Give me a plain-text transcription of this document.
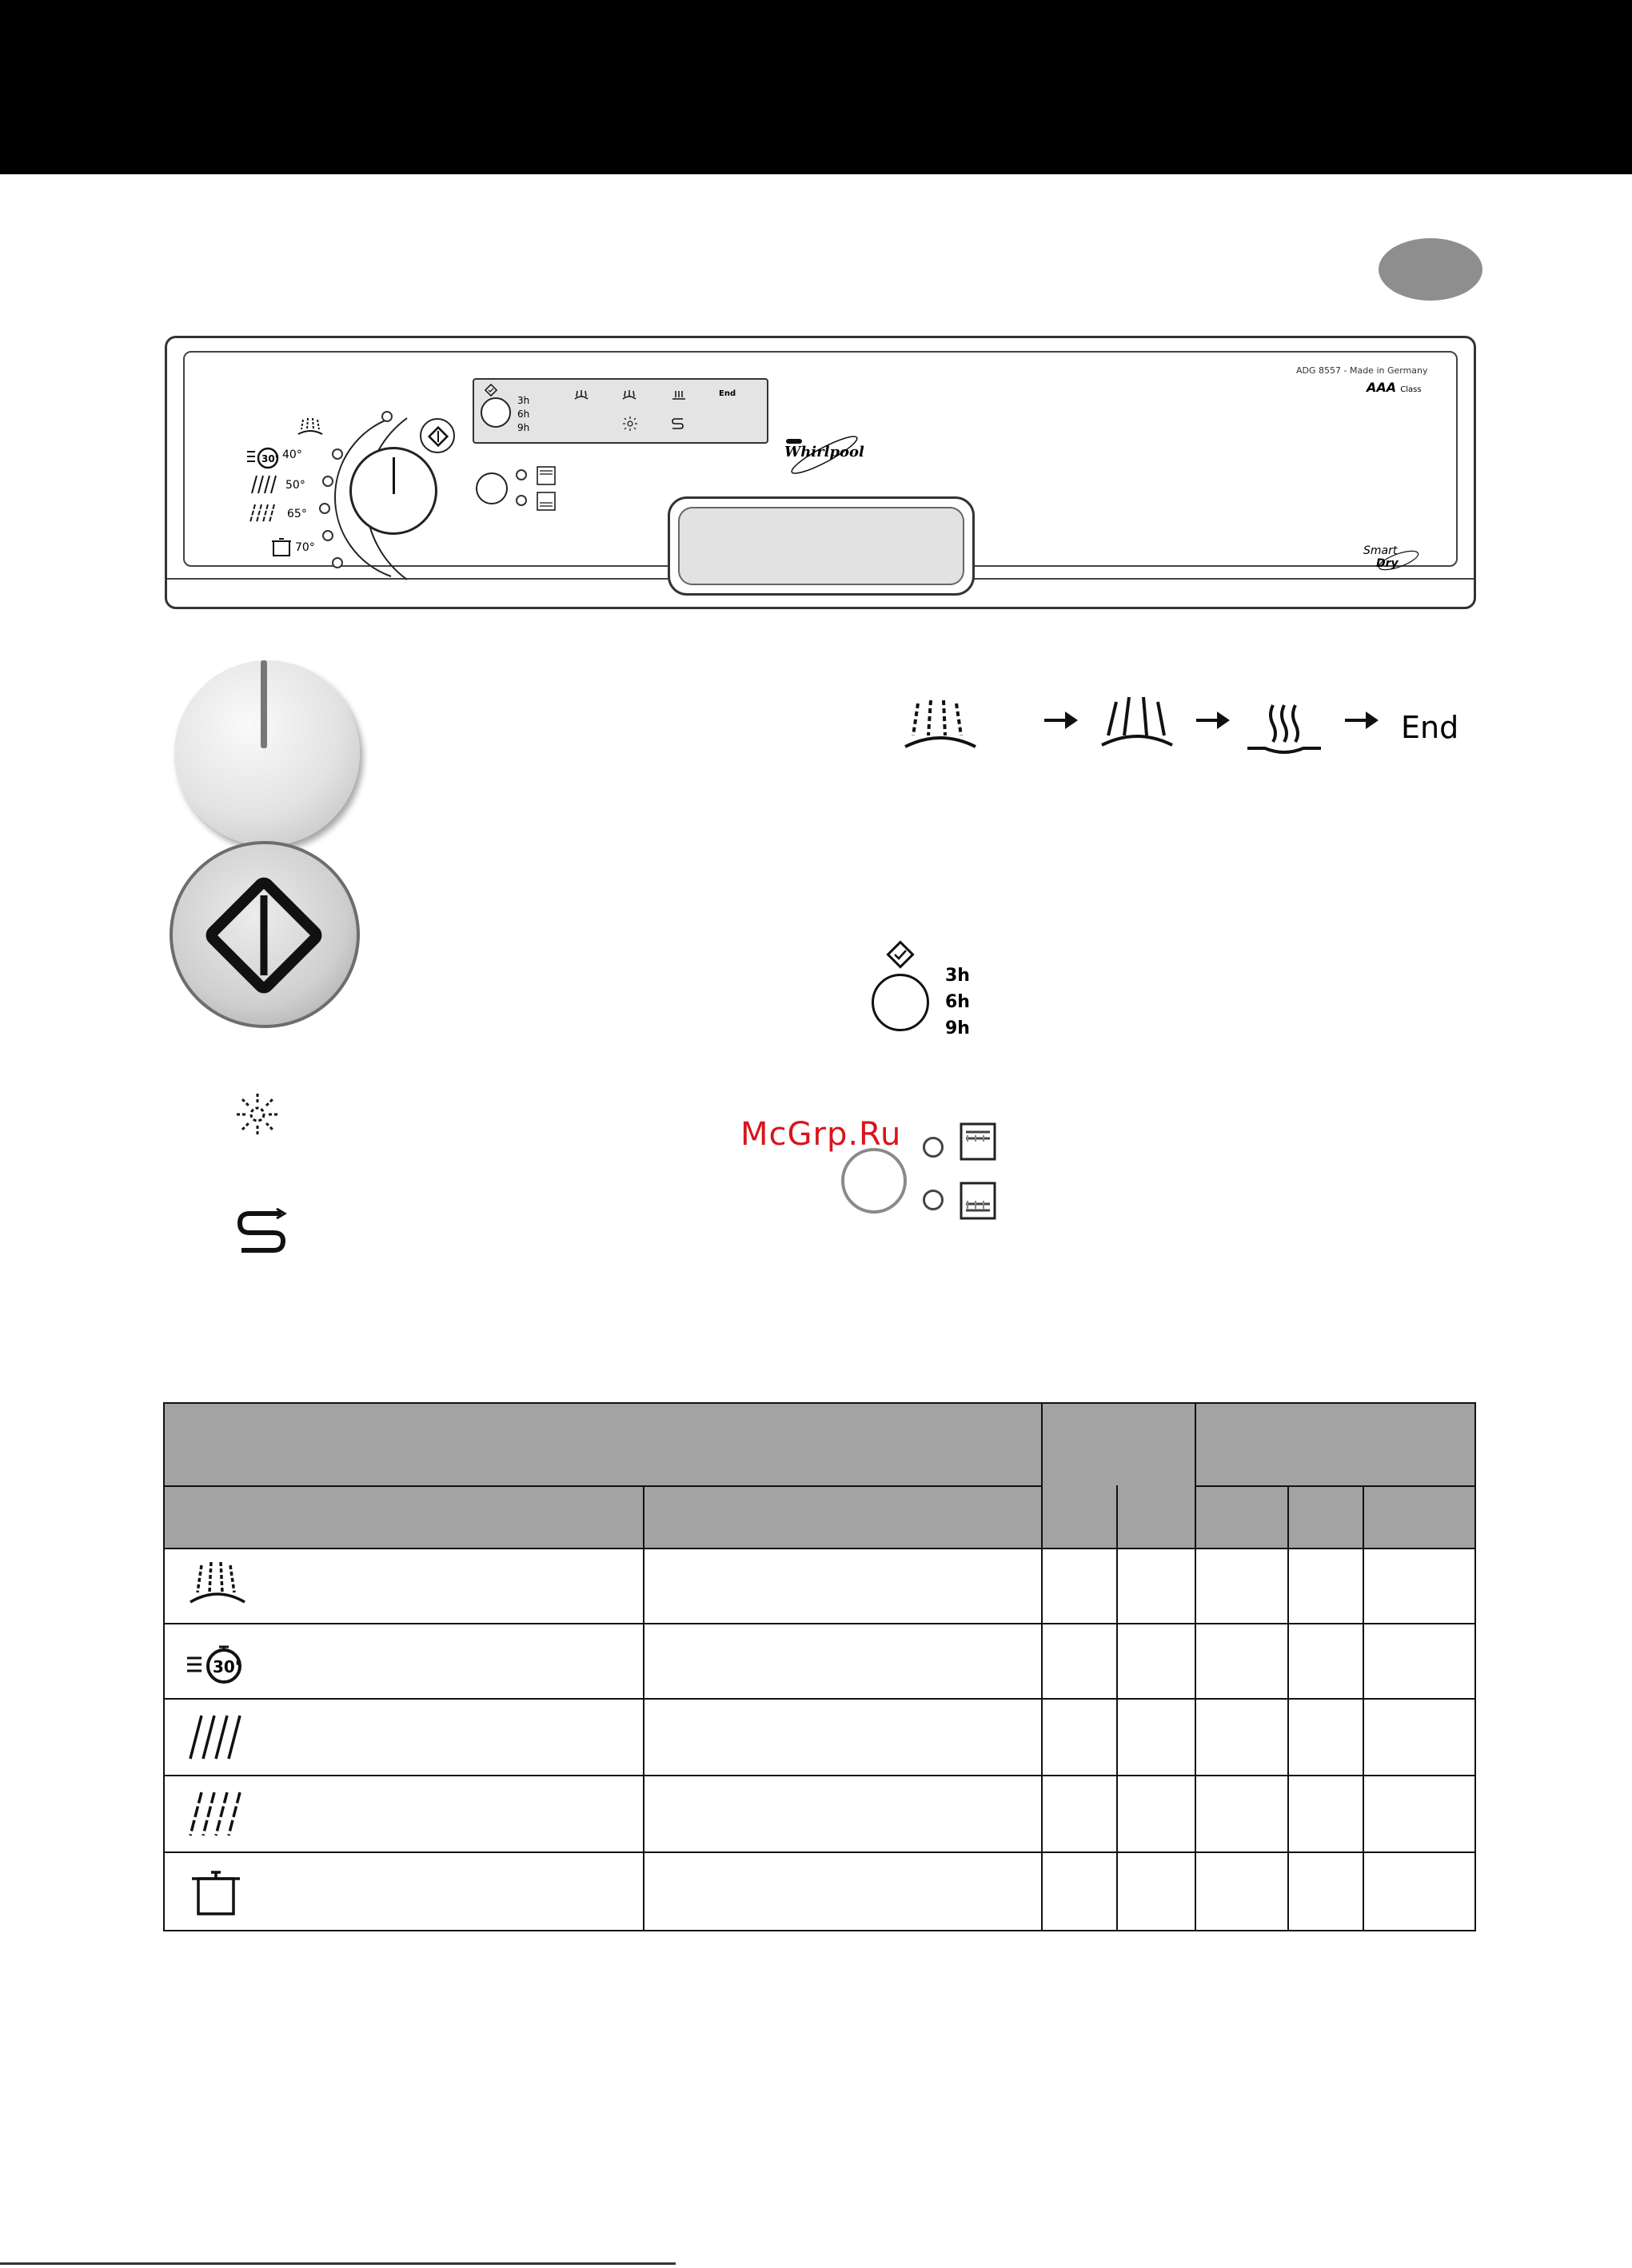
30' 40°
50°
65°
70°
3h
6h
9h
End
Whirlpool
ADG 8557 - Made in Germany
AAA Class
Smart
Dry
End
3h
6h
9h
McGrp.Ru
30'
